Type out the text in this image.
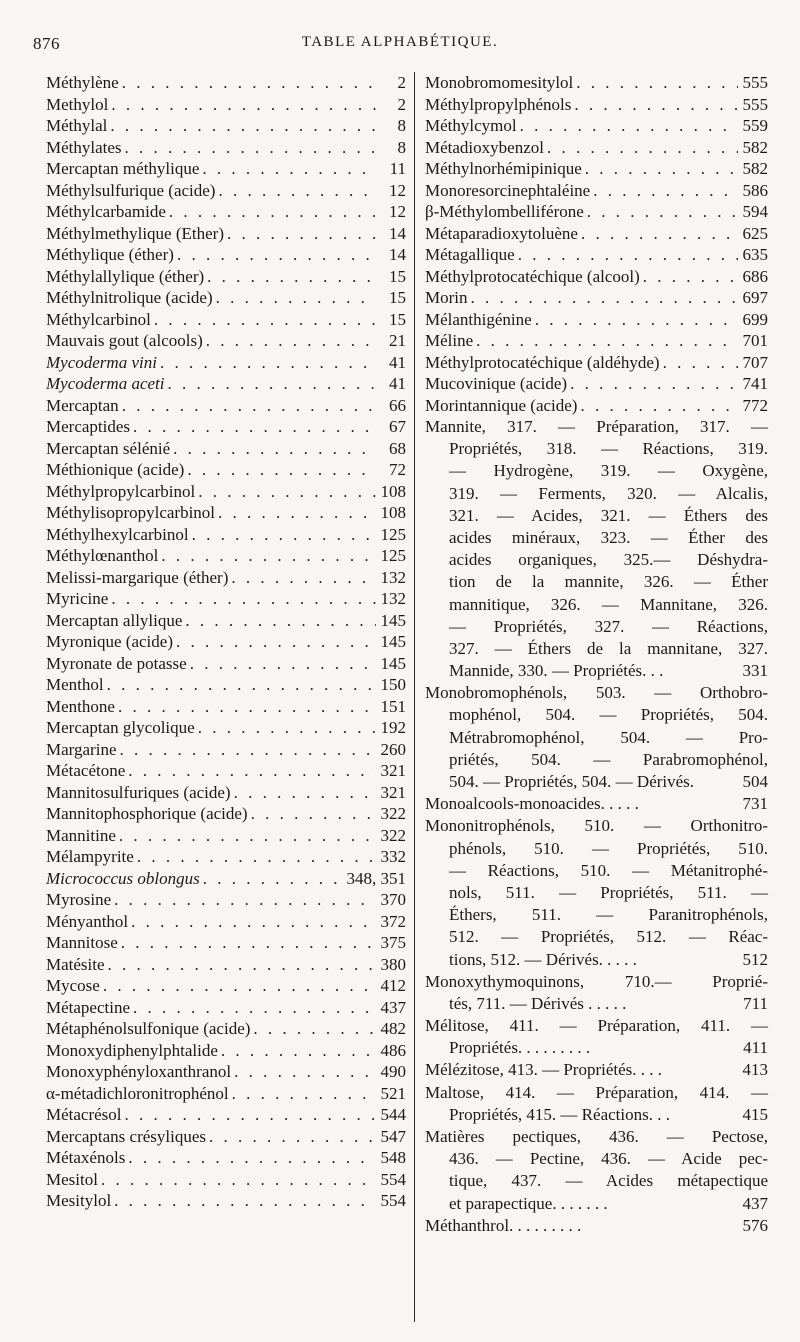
876	TABLE ALPHABÉTIQUE.
Méthylène . . .	2
Methylol . . .	2
Méthylal . . .	8
Méthylates . . .	8
Mercaptan méthylique . . .	11
Méthylsulfurique (acide) . . .	12
Méthylcarbamide . . .	12
Méthylmethylique (Ether) . . .	14
Méthylique (éther) . . .	14
Méthylallylique (éther) . . .	15
Méthylnitrolique (acide) . . .	15
Méthylcarbinol . . .	15
Mauvais gout (alcools) . . .	21
Mycoderma vini . . .	41
Mycoderma aceti . . .	41
Mercaptan . . .	66
Mercaptides . . .	67
Mercaptan sélénié . . .	68
Méthionique (acide) . . .	72
Méthylpropylcarbinol . . .	108
Méthylisopropylcarbinol . . .	108
Méthylhexylcarbinol . . .	125
Méthylœnanthol . . .	125
Melissi-margarique (éther) . . .	132
Myricine . . .	132
Mercaptan allylique . . .	145
Myronique (acide) . . .	145
Myronate de potasse . . .	145
Menthol . . .	150
Menthone . . .	151
Mercaptan glycolique . . .	192
Margarine . . .	260
Métacétone . . .	321
Mannitosulfuriques (acide) . . .	321
Mannitophosphorique (acide) . . .	322
Mannitine . . .	322
Mélampyrite . . .	332
Micrococcus oblongus . . .	348, 351
Myrosine . . .	370
Ményanthol . . .	372
Mannitose . . .	375
Matésite . . .	380
Mycose . . .	412
Métapectine . . .	437
Métaphénolsulfonique (acide) . . .	482
Monoxydiphenylphtalide . . .	486
Monoxyphényloxanthranol . . .	490
α-métadichloronitrophénol . . .	521
Métacrésol . . .	544
Mercaptans crésyliques . . .	547
Métaxénols . . .	548
Mesitol . . .	554
Mesitylol . . .	554
Monobromomesitylol . . .	555
Méthylpropylphénols . . .	555
Méthylcymol . . .	559
Métadioxybenzol . . .	582
Méthylnorhémipinique . . .	582
Monoresorcinephtaléine . . .	586
β-Méthylombelliférone . . .	594
Métaparadioxytoluène . . .	625
Métagallique . . .	635
Méthylprotocatéchique (alcool) . . .	686
Morin . . .	697
Mélanthigénine . . .	699
Méline . . .	701
Méthylprotocatéchique (aldéhyde) . . .	707
Mucovinique (acide) . . .	741
Morintannique (acide) . . .	772
Mannite, 317. — Préparation, 317. —
Propriétés, 318. — Réactions, 319.
— Hydrogène, 319. — Oxygène,
319. — Ferments, 320. — Alcalis,
321. — Acides, 321. — Éthers des
acides minéraux, 323. — Éther des
acides organiques, 325.— Déshydra-
tion de la mannite, 326. — Éther
mannitique, 326. — Mannitane, 326.
— Propriétés, 327. — Réactions,
327. — Éthers de la mannitane, 327.
Mannide, 330. — Propriétés. . .	331
Monobromophénols, 503. — Orthobro-
mophénol, 504. — Propriétés, 504.
Métrabromophénol, 504. — Pro-
priétés, 504. — Parabromophénol,
504. — Propriétés, 504. — Dérivés.	504
Monoalcools-monoacides. . . . .	731
Mononitrophénols, 510. — Orthonitro-
phénols, 510. — Propriétés, 510.
— Réactions, 510. — Métanitrophé-
nols, 511. — Propriétés, 511. —
Éthers, 511. — Paranitrophénols,
512. — Propriétés, 512. — Réac-
tions, 512. — Dérivés. . . . .	512
Monoxythymoquinons, 710.— Proprié-
tés, 711. — Dérivés . . . . .	711
Mélitose, 411. — Préparation, 411. —
Propriétés. . . . . . . . .	411
Mélézitose, 413. — Propriétés. . . .	413
Maltose, 414. — Préparation, 414. —
Propriétés, 415. — Réactions. . .	415
Matières pectiques, 436. — Pectose,
436. — Pectine, 436. — Acide pec-
tique, 437. — Acides métapectique
et parapectique. . . . . . .	437
Méthanthrol. . . . . . . . .	576
